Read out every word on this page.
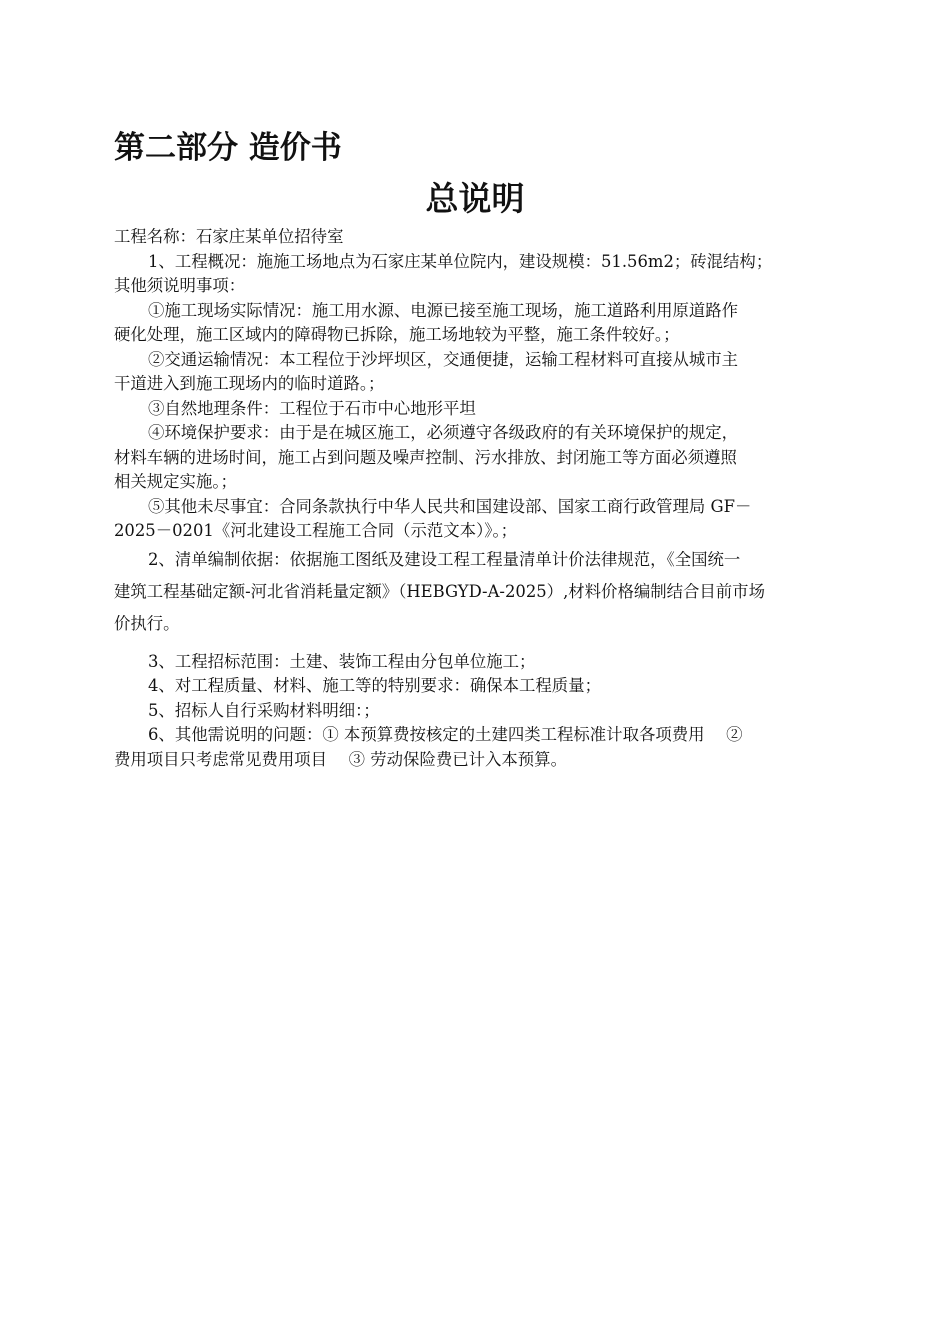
第二部分 造价书
总说明

工程名称：石家庄某单位招待室

1、工程概况：施施工场地点为石家庄某单位院内，建设规模：51.56m2；砖混结构；

其他须说明事项：

①施工现场实际情况：施工用水源、电源已接至施工现场，施工道路利用原道路作

硬化处理，施工区域内的障碍物已拆除，施工场地较为平整，施工条件较好。；

②交通运输情况：本工程位于沙坪坝区，交通便捷，运输工程材料可直接从城市主

干道进入到施工现场内的临时道路。；

③自然地理条件：工程位于石市中心地形平坦

④环境保护要求：由于是在城区施工，必须遵守各级政府的有关环境保护的规定，

材料车辆的进场时间，施工占到问题及噪声控制、污水排放、封闭施工等方面必须遵照

相关规定实施。；

⑤其他未尽事宜：合同条款执行中华人民共和国建设部、国家工商行政管理局 GF－

2025－0201《河北建设工程施工合同（示范文本）》。；

2、清单编制依据：依据施工图纸及建设工程工程量清单计价法律规范，《全国统一

建筑工程基础定额-河北省消耗量定额》（HEBGYD-A-2025）,材料价格编制结合目前市场

价执行。

3、工程招标范围：土建、装饰工程由分包单位施工；

4、对工程质量、材料、施工等的特别要求：确保本工程质量；

5、招标人自行采购材料明细：；

6、其他需说明的问题：① 本预算费按核定的土建四类工程标准计取各项费用　 ②

费用项目只考虑常见费用项目　 ③ 劳动保险费已计入本预算。
